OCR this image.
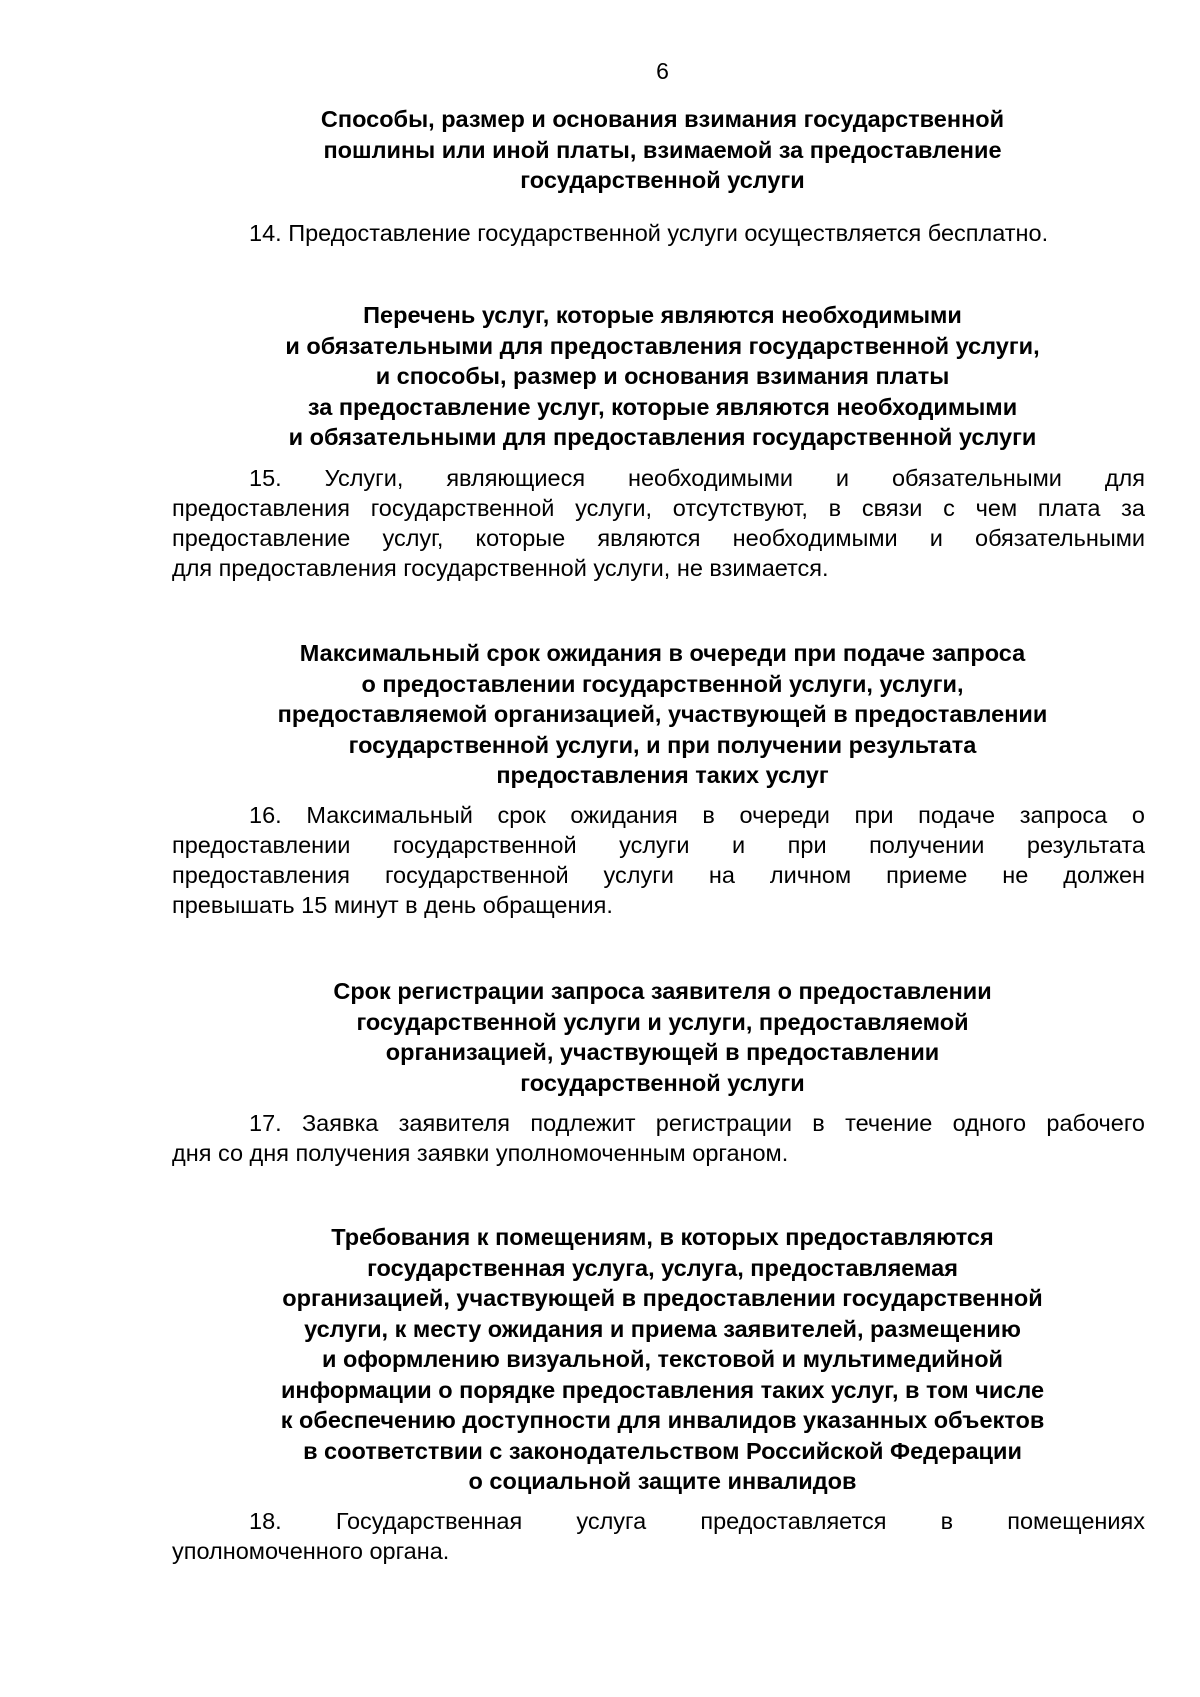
6
Способы, размер и основания взимания государственной
пошлины или иной платы, взимаемой за предоставление
государственной услуги
14. Предоставление государственной услуги осуществляется бесплатно.
Перечень услуг, которые являются необходимыми
и обязательными для предоставления государственной услуги,
и способы, размер и основания взимания платы
за предоставление услуг, которые являются необходимыми
и обязательными для предоставления государственной услуги
15. Услуги, являющиеся необходимыми и обязательными для
предоставления государственной услуги, отсутствуют, в связи с чем плата за
предоставление услуг, которые являются необходимыми и обязательными
для предоставления государственной услуги, не взимается.
Максимальный срок ожидания в очереди при подаче запроса
о предоставлении государственной услуги, услуги,
предоставляемой организацией, участвующей в предоставлении
государственной услуги, и при получении результата
предоставления таких услуг
16. Максимальный срок ожидания в очереди при подаче запроса о
предоставлении государственной услуги и при получении результата
предоставления государственной услуги на личном приеме не должен
превышать 15 минут в день обращения.
Срок регистрации запроса заявителя о предоставлении
государственной услуги и услуги, предоставляемой
организацией, участвующей в предоставлении
государственной услуги
17. Заявка заявителя подлежит регистрации в течение одного рабочего
дня со дня получения заявки уполномоченным органом.
Требования к помещениям, в которых предоставляются
государственная услуга, услуга, предоставляемая
организацией, участвующей в предоставлении государственной
услуги, к месту ожидания и приема заявителей, размещению
и оформлению визуальной, текстовой и мультимедийной
информации о порядке предоставления таких услуг, в том числе
к обеспечению доступности для инвалидов указанных объектов
в соответствии с законодательством Российской Федерации
о социальной защите инвалидов
18. Государственная услуга предоставляется в помещениях
уполномоченного органа.
